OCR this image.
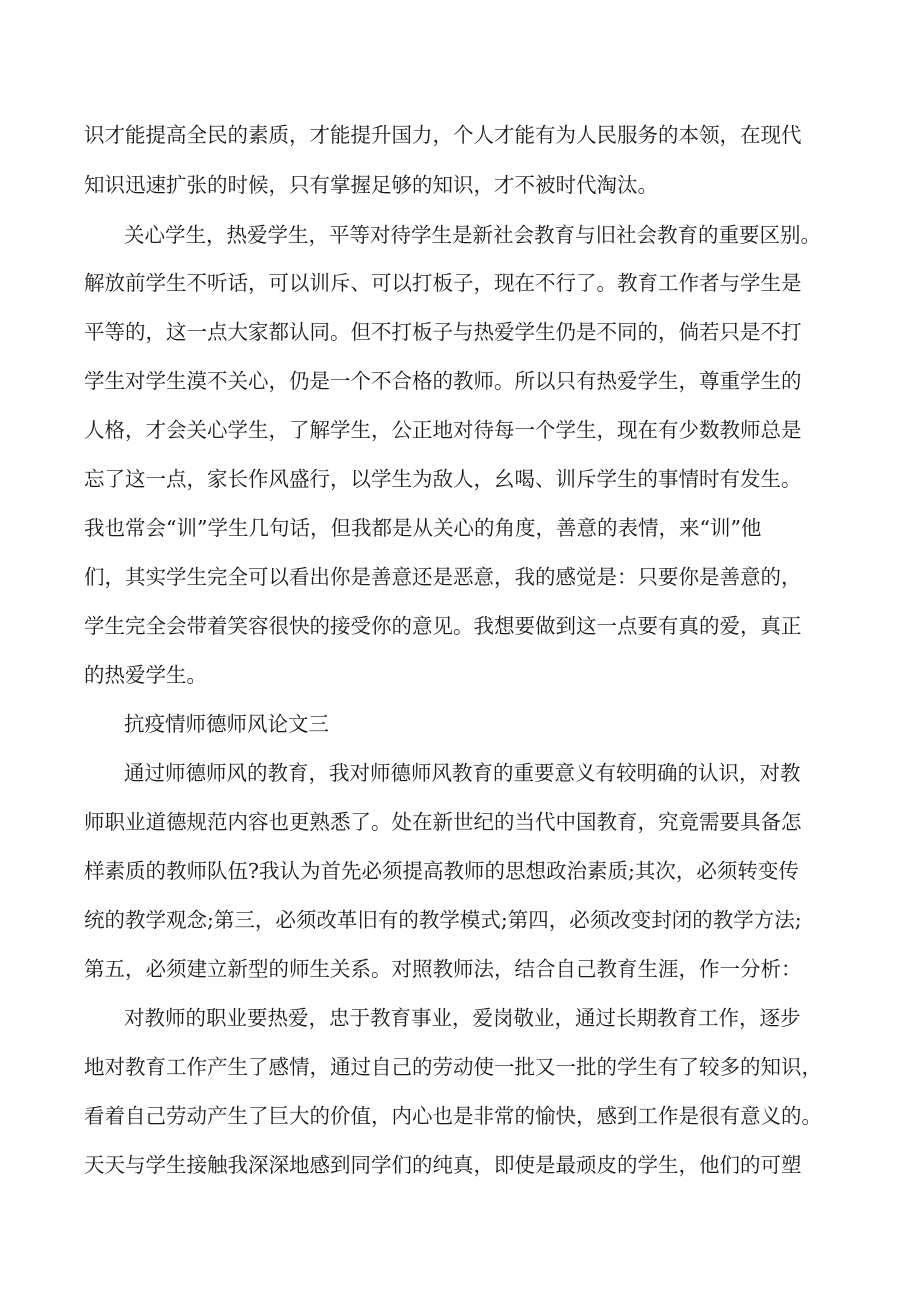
识才能提高全民的素质，才能提升国力，个人才能有为人民服务的本领，在现代
知识迅速扩张的时候，只有掌握足够的知识，才不被时代淘汰。
关心学生，热爱学生，平等对待学生是新社会教育与旧社会教育的重要区别。
解放前学生不听话，可以训斥、可以打板子，现在不行了。教育工作者与学生是
平等的，这一点大家都认同。但不打板子与热爱学生仍是不同的，倘若只是不打
学生对学生漠不关心，仍是一个不合格的教师。所以只有热爱学生，尊重学生的
人格，才会关心学生，了解学生，公正地对待每一个学生，现在有少数教师总是
忘了这一点，家长作风盛行，以学生为敌人，幺喝、训斥学生的事情时有发生。
我也常会“训”学生几句话，但我都是从关心的角度，善意的表情，来“训”他
们，其实学生完全可以看出你是善意还是恶意，我的感觉是：只要你是善意的，
学生完全会带着笑容很快的接受你的意见。我想要做到这一点要有真的爱，真正
的热爱学生。
抗疫情师德师风论文三
通过师德师风的教育，我对师德师风教育的重要意义有较明确的认识，对教
师职业道德规范内容也更熟悉了。处在新世纪的当代中国教育，究竟需要具备怎
样素质的教师队伍?我认为首先必须提高教师的思想政治素质;其次，必须转变传
统的教学观念;第三，必须改革旧有的教学模式;第四，必须改变封闭的教学方法;
第五，必须建立新型的师生关系。对照教师法，结合自己教育生涯，作一分析：
对教师的职业要热爱，忠于教育事业，爱岗敬业，通过长期教育工作，逐步
地对教育工作产生了感情，通过自己的劳动使一批又一批的学生有了较多的知识，
看着自己劳动产生了巨大的价值，内心也是非常的愉快，感到工作是很有意义的。
天天与学生接触我深深地感到同学们的纯真，即使是最顽皮的学生，他们的可塑
